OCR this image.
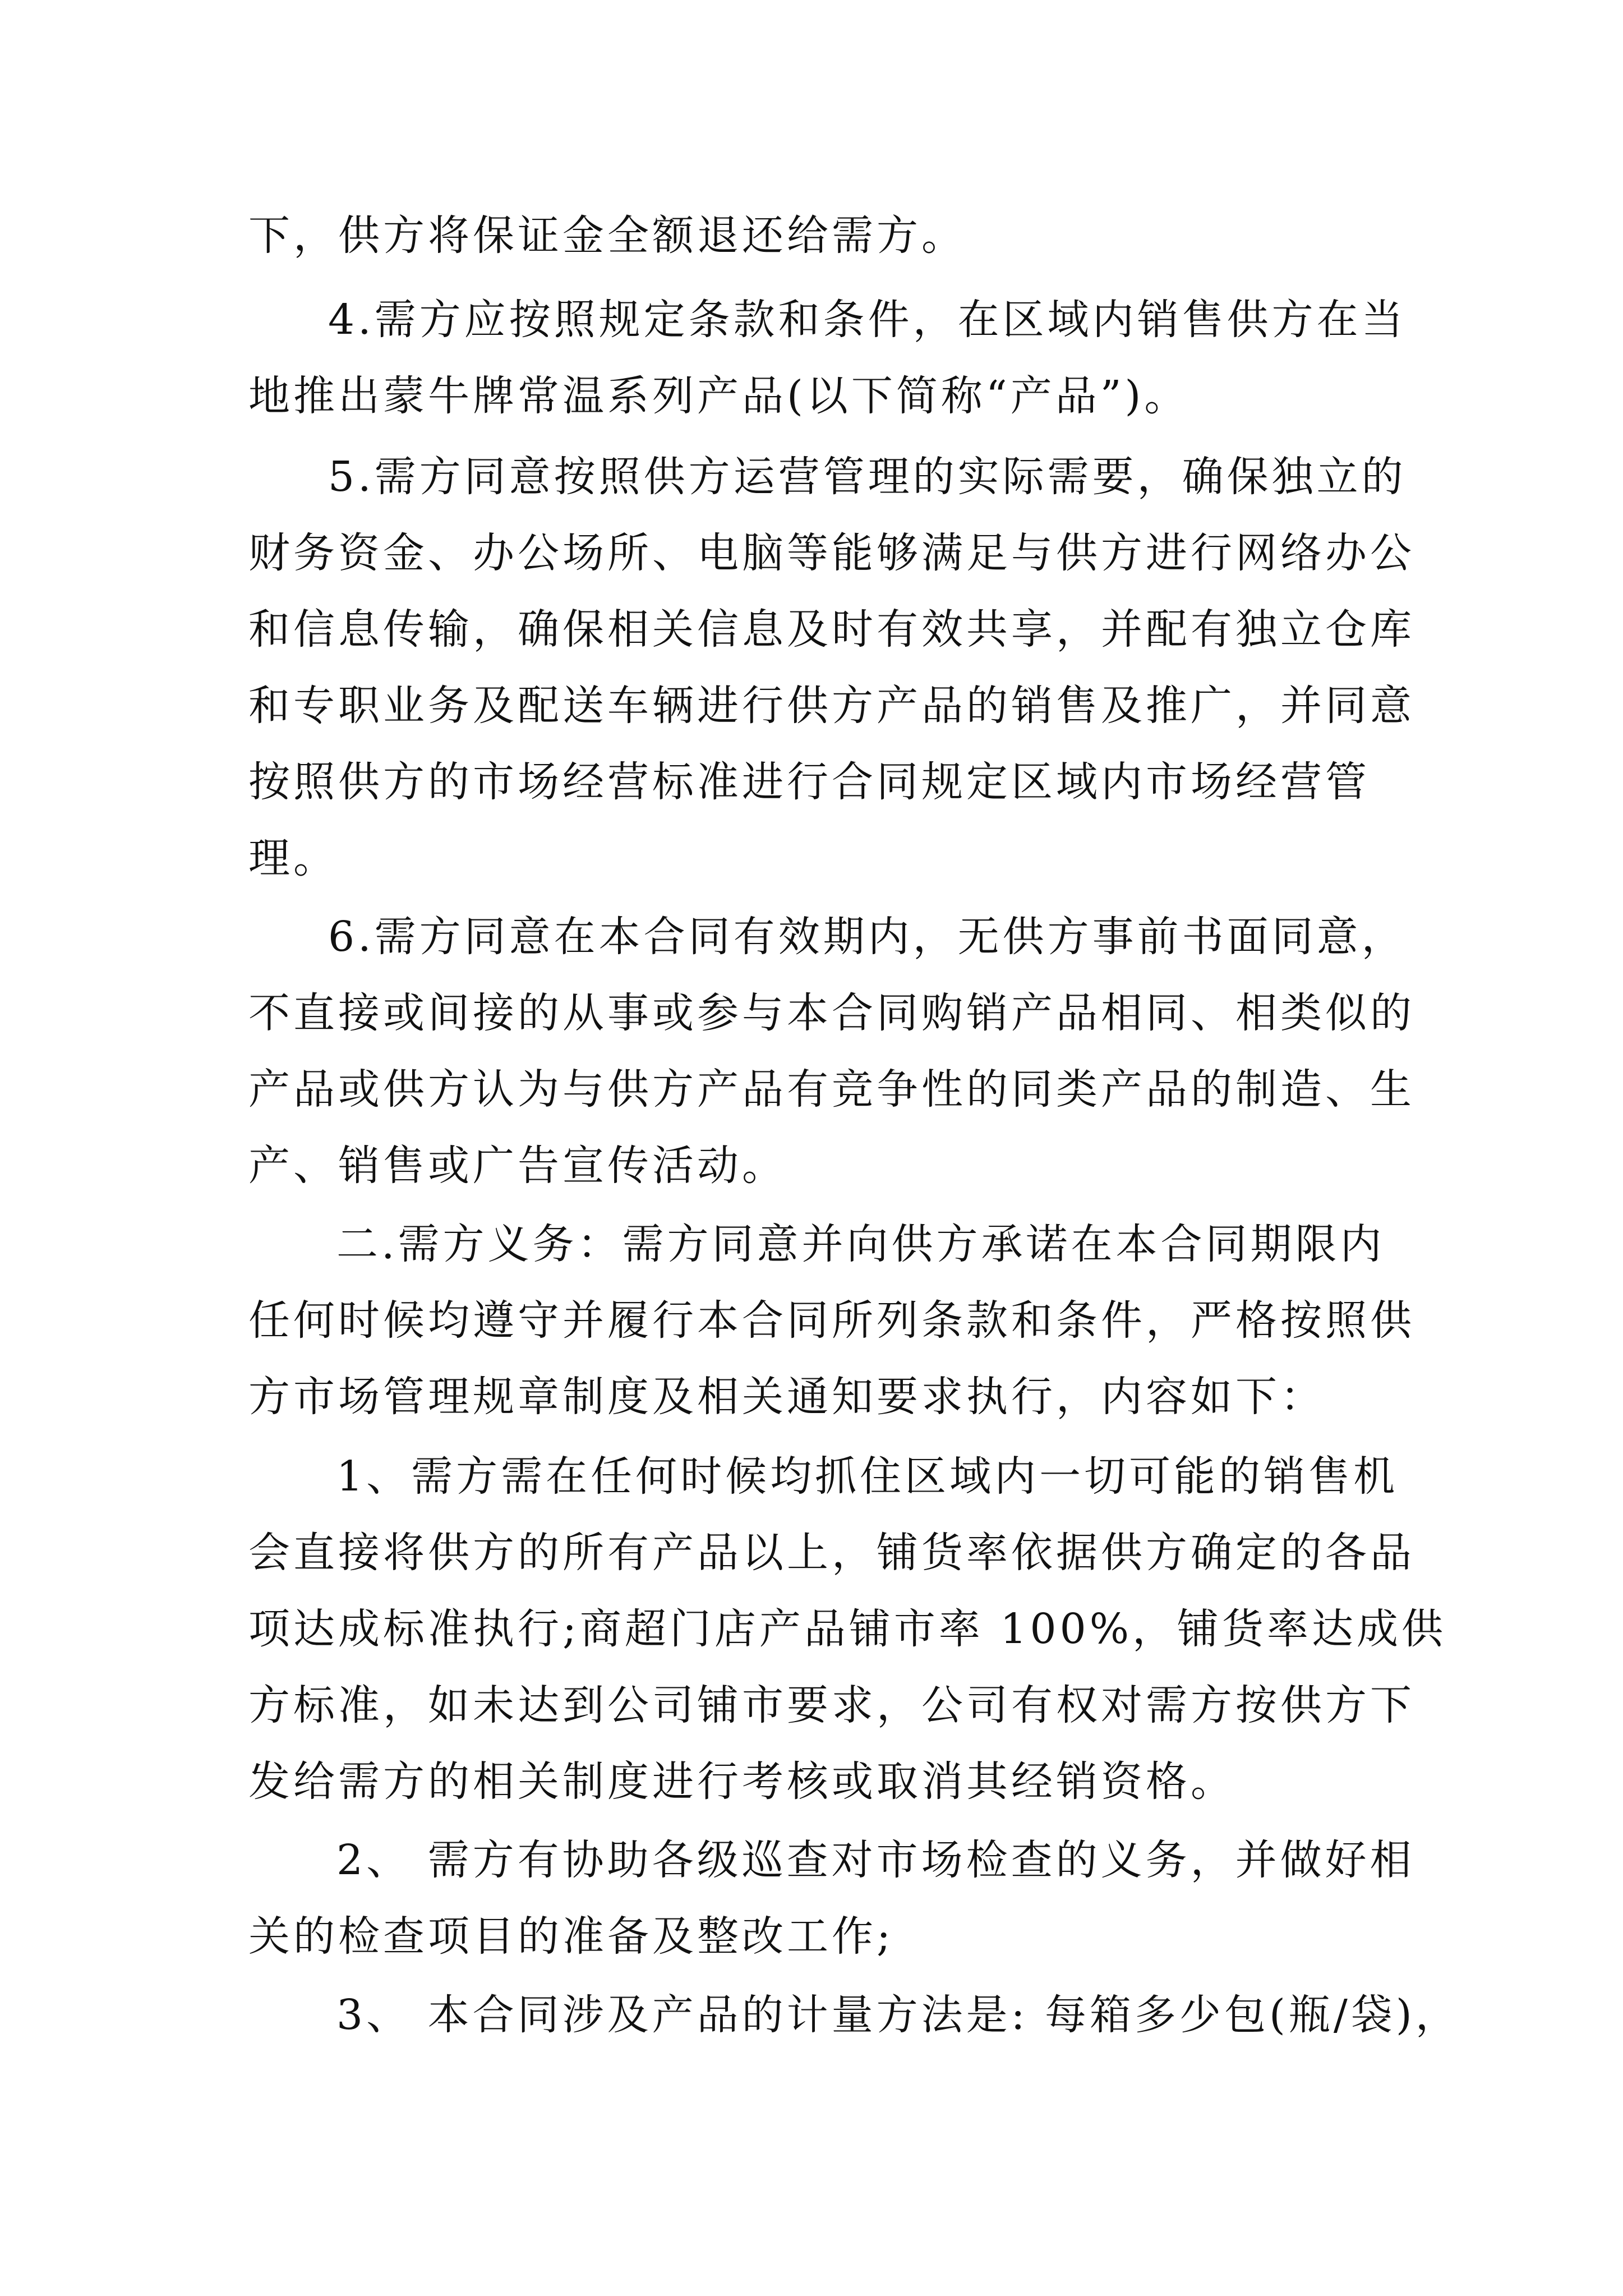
下，供方将保证金全额退还给需方。
4.需方应按照规定条款和条件，在区域内销售供方在当
地推出蒙牛牌常温系列产品(以下简称“产品”)。
5.需方同意按照供方运营管理的实际需要，确保独立的
财务资金、办公场所、电脑等能够满足与供方进行网络办公
和信息传输，确保相关信息及时有效共享，并配有独立仓库
和专职业务及配送车辆进行供方产品的销售及推广，并同意
按照供方的市场经营标准进行合同规定区域内市场经营管
理。
6.需方同意在本合同有效期内，无供方事前书面同意，
不直接或间接的从事或参与本合同购销产品相同、相类似的
产品或供方认为与供方产品有竞争性的同类产品的制造、生
产、销售或广告宣传活动。
二.需方义务：需方同意并向供方承诺在本合同期限内
任何时候均遵守并履行本合同所列条款和条件，严格按照供
方市场管理规章制度及相关通知要求执行，内容如下：
1、需方需在任何时候均抓住区域内一切可能的销售机
会直接将供方的所有产品以上，铺货率依据供方确定的各品
项达成标准执行;商超门店产品铺市率 100%，铺货率达成供
方标准，如未达到公司铺市要求，公司有权对需方按供方下
发给需方的相关制度进行考核或取消其经销资格。
2、 需方有协助各级巡查对市场检查的义务，并做好相
关的检查项目的准备及整改工作;
3、 本合同涉及产品的计量方法是: 每箱多少包(瓶/袋)，
